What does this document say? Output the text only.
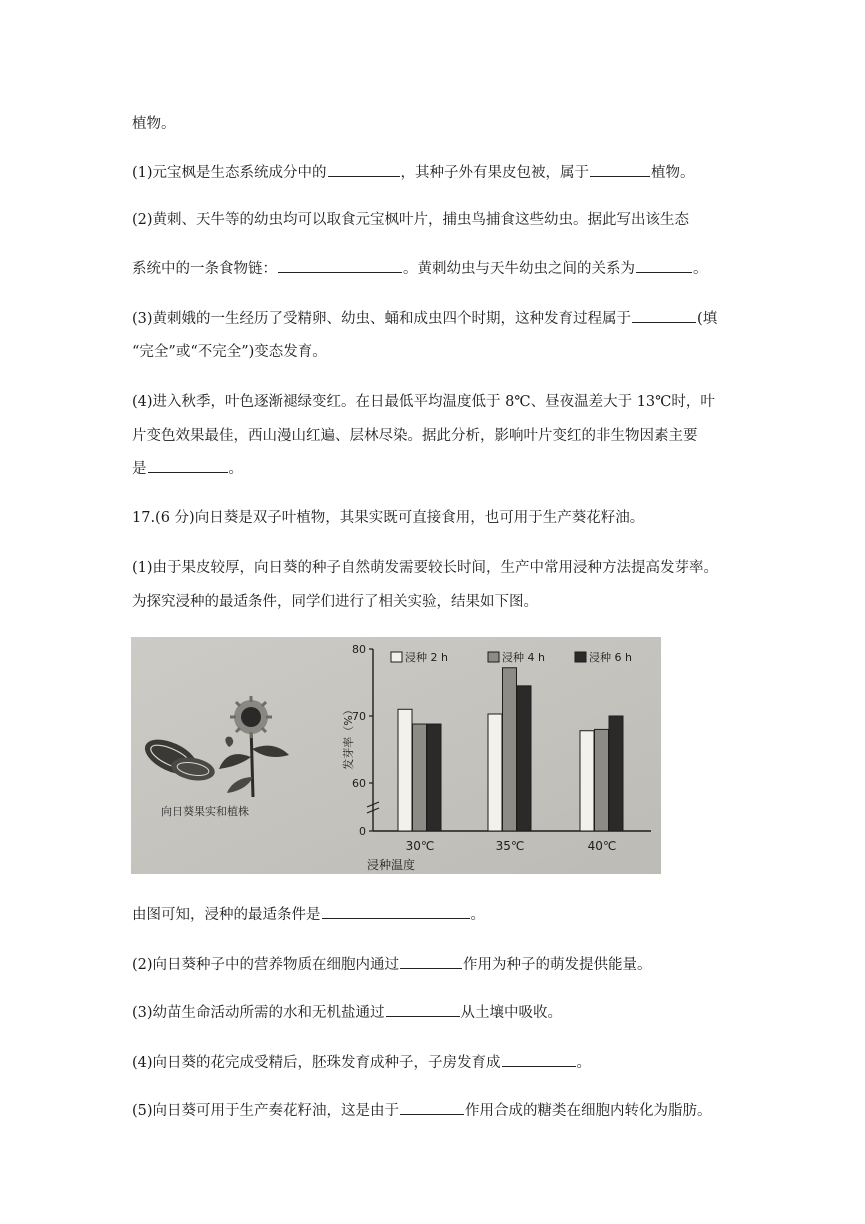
植物。
(1)元宝枫是生态系统成分中的	，其种子外有果皮包被，属于	植物。
(2)黄刺、天牛等的幼虫均可以取食元宝枫叶片，捕虫鸟捕食这些幼虫。据此写出该生态
系统中的一条食物链：	。黄刺幼虫与天牛幼虫之间的关系为	。
(3)黄刺娥的一生经历了受精卵、幼虫、蛹和成虫四个时期，这种发育过程属于	(填
“完全”或“不完全”)变态发育。
(4)进入秋季，叶色逐渐褪绿变红。在日最低平均温度低于 8℃、昼夜温差大于 13℃时，叶
片变色效果最佳，西山漫山红遍、层林尽染。据此分析，影响叶片变红的非生物因素主要
是	。
17.(6 分)向日葵是双子叶植物，其果实既可直接食用，也可用于生产葵花籽油。
(1)由于果皮较厚，向日葵的种子自然萌发需要较长时间，生产中常用浸种方法提高发芽率。
为探究浸种的最适条件，同学们进行了相关实验，结果如下图。
向日葵果实和植株
发芽率（%）
浸种温度
30℃	35℃	40℃
0
60
70
80
浸种 2 h	浸种 4 h	浸种 6 h
由图可知，浸种的最适条件是	。
(2)向日葵种子中的营养物质在细胞内通过	作用为种子的萌发提供能量。
(3)幼苗生命活动所需的水和无机盐通过	从土壤中吸收。
(4)向日葵的花完成受精后，胚珠发育成种子，子房发育成	。
(5)向日葵可用于生产奏花籽油，这是由于	作用合成的糖类在细胞内转化为脂肪。
